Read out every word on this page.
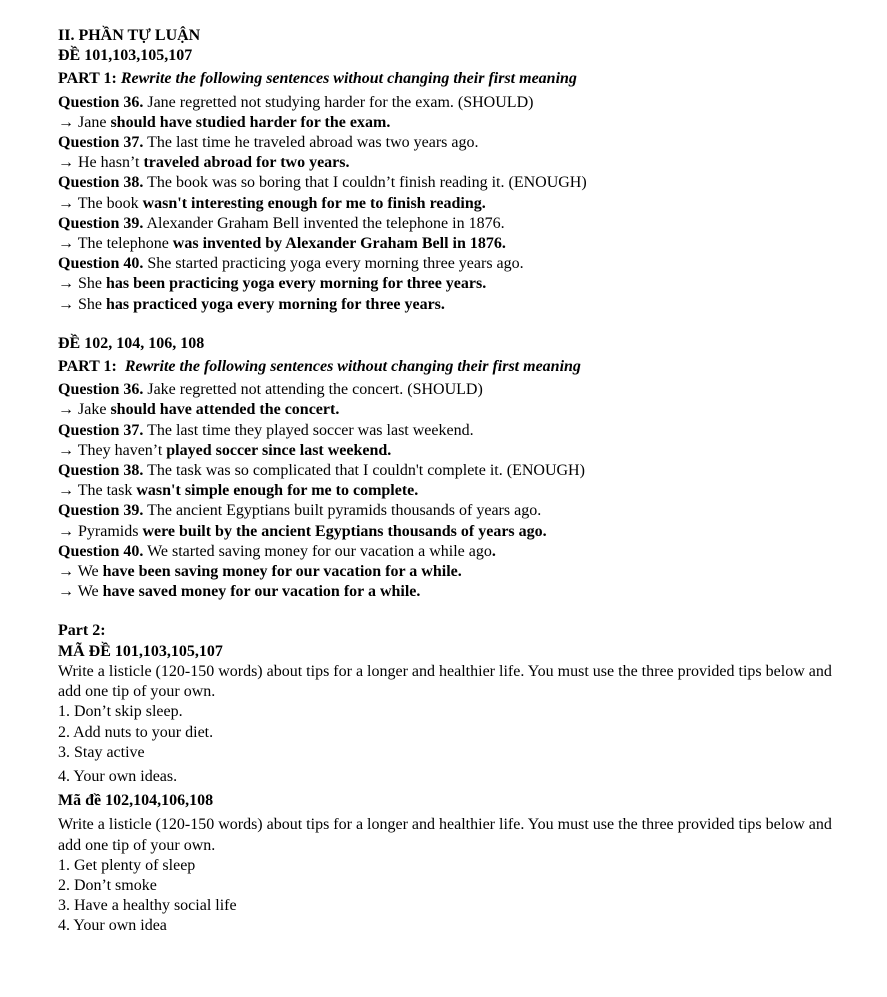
II. PHẦN TỰ LUẬN
ĐỀ 101,103,105,107
PART 1: Rewrite the following sentences without changing their first meaning
Question 36. Jane regretted not studying harder for the exam. (SHOULD)
→ Jane should have studied harder for the exam.
Question 37. The last time he traveled abroad was two years ago.
→ He hasn’t traveled abroad for two years.
Question 38. The book was so boring that I couldn’t finish reading it. (ENOUGH)
→ The book wasn't interesting enough for me to finish reading.
Question 39. Alexander Graham Bell invented the telephone in 1876.
→ The telephone was invented by Alexander Graham Bell in 1876.
Question 40. She started practicing yoga every morning three years ago.
→ She has been practicing yoga every morning for three years.
→ She has practiced yoga every morning for three years.
ĐỀ 102, 104, 106, 108
PART 1: Rewrite the following sentences without changing their first meaning
Question 36. Jake regretted not attending the concert. (SHOULD)
→ Jake should have attended the concert.
Question 37. The last time they played soccer was last weekend.
→ They haven’t played soccer since last weekend.
Question 38. The task was so complicated that I couldn't complete it. (ENOUGH)
→ The task wasn't simple enough for me to complete.
Question 39. The ancient Egyptians built pyramids thousands of years ago.
→ Pyramids were built by the ancient Egyptians thousands of years ago.
Question 40. We started saving money for our vacation a while ago.
→ We have been saving money for our vacation for a while.
→ We have saved money for our vacation for a while.
Part 2:
MÃ ĐỀ 101,103,105,107
Write a listicle (120-150 words) about tips for a longer and healthier life. You must use the three provided tips below and add one tip of your own.
1. Don’t skip sleep.
2. Add nuts to your diet.
3. Stay active
4. Your own ideas.
Mã đề 102,104,106,108
Write a listicle (120-150 words) about tips for a longer and healthier life. You must use the three provided tips below and add one tip of your own.
1. Get plenty of sleep
2. Don’t smoke
3. Have a healthy social life
4. Your own idea
